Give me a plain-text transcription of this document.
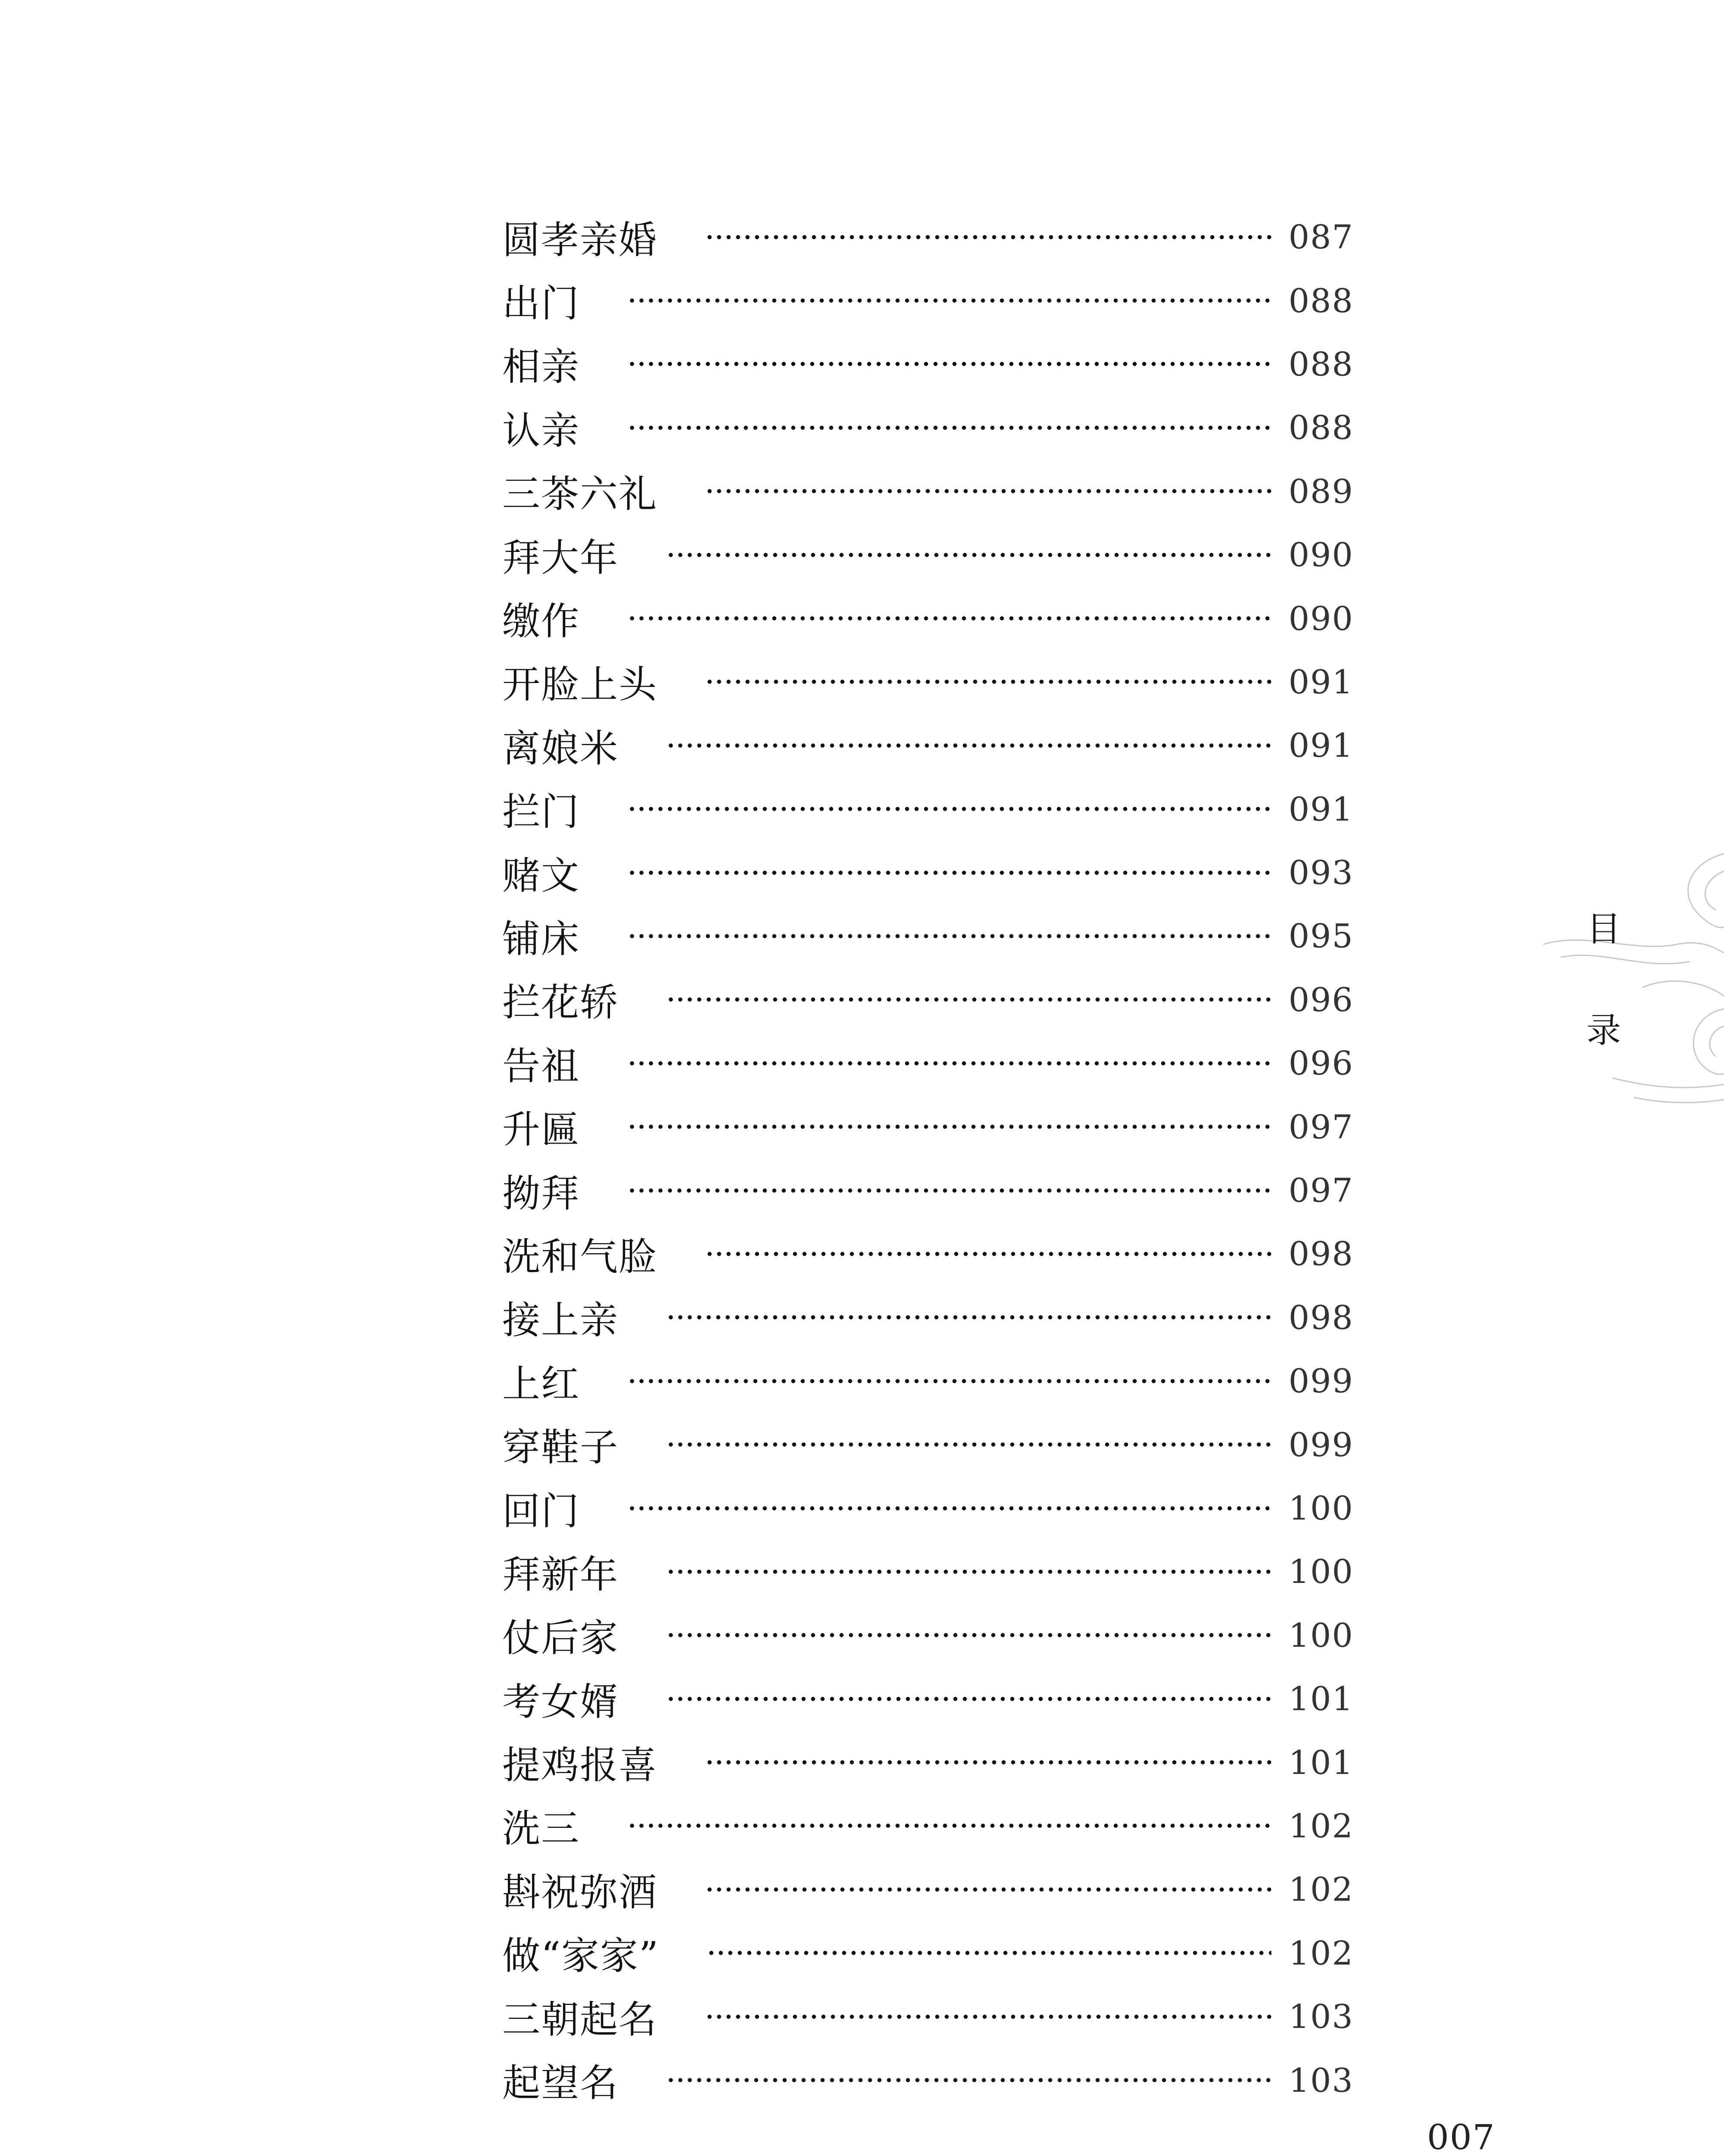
圆孝亲婚	087
出门	088
相亲	088
认亲	088
三茶六礼	089
拜大年	090
缴作	090
开脸上头	091
离娘米	091
拦门	091
赌文	093
铺床	095
拦花轿	096
告祖	096
升匾	097
拗拜	097
洗和气脸	098
接上亲	098
上红	099
穿鞋子	099
回门	100
拜新年	100
仗后家	100
考女婿	101
提鸡报喜	101
洗三	102
斟祝弥酒	102
做“家家”	102
三朝起名	103
起望名	103
目
录
007
